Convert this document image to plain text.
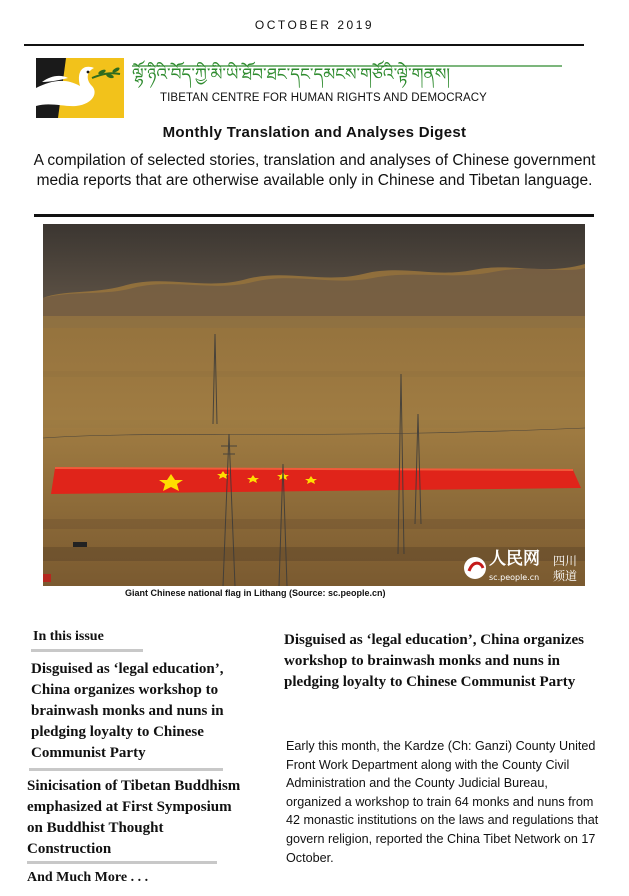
OCTOBER 2019
ལྷོ་ཉིའི་བོད་ཀྱི་མི་ཡི་ཐོབ་ཐང་དང་དམངས་གཙོའི་ལྟེ་གནས།
TIBETAN CENTRE FOR HUMAN RIGHTS AND DEMOCRACY
Monthly Translation and Analyses Digest
A compilation of selected stories, translation and analyses of Chinese government media reports that are otherwise available only in Chinese and Tibetan language.
人民网
sc.people.cn
四川
频道
Giant Chinese national flag in Lithang (Source: sc.people.cn)
In this issue
Disguised as ‘legal education’, China organizes workshop to brainwash monks and nuns in pledging loyalty to Chinese Communist Party
Sinicisation of Tibetan Buddhism emphasized at First Symposium on Buddhist Thought Construction
And Much More . . .
Disguised as ‘legal education’, China organizes workshop to brainwash monks and nuns in pledging loyalty to Chinese Communist Party
Early this month, the Kardze (Ch: Ganzi) County United Front Work Department along with the County Civil Administration and the County Judicial Bureau, organized a workshop to train 64 monks and nuns from 42 monastic institutions on the laws and regulations that govern religion, reported the China Tibet Network on 17 October.
